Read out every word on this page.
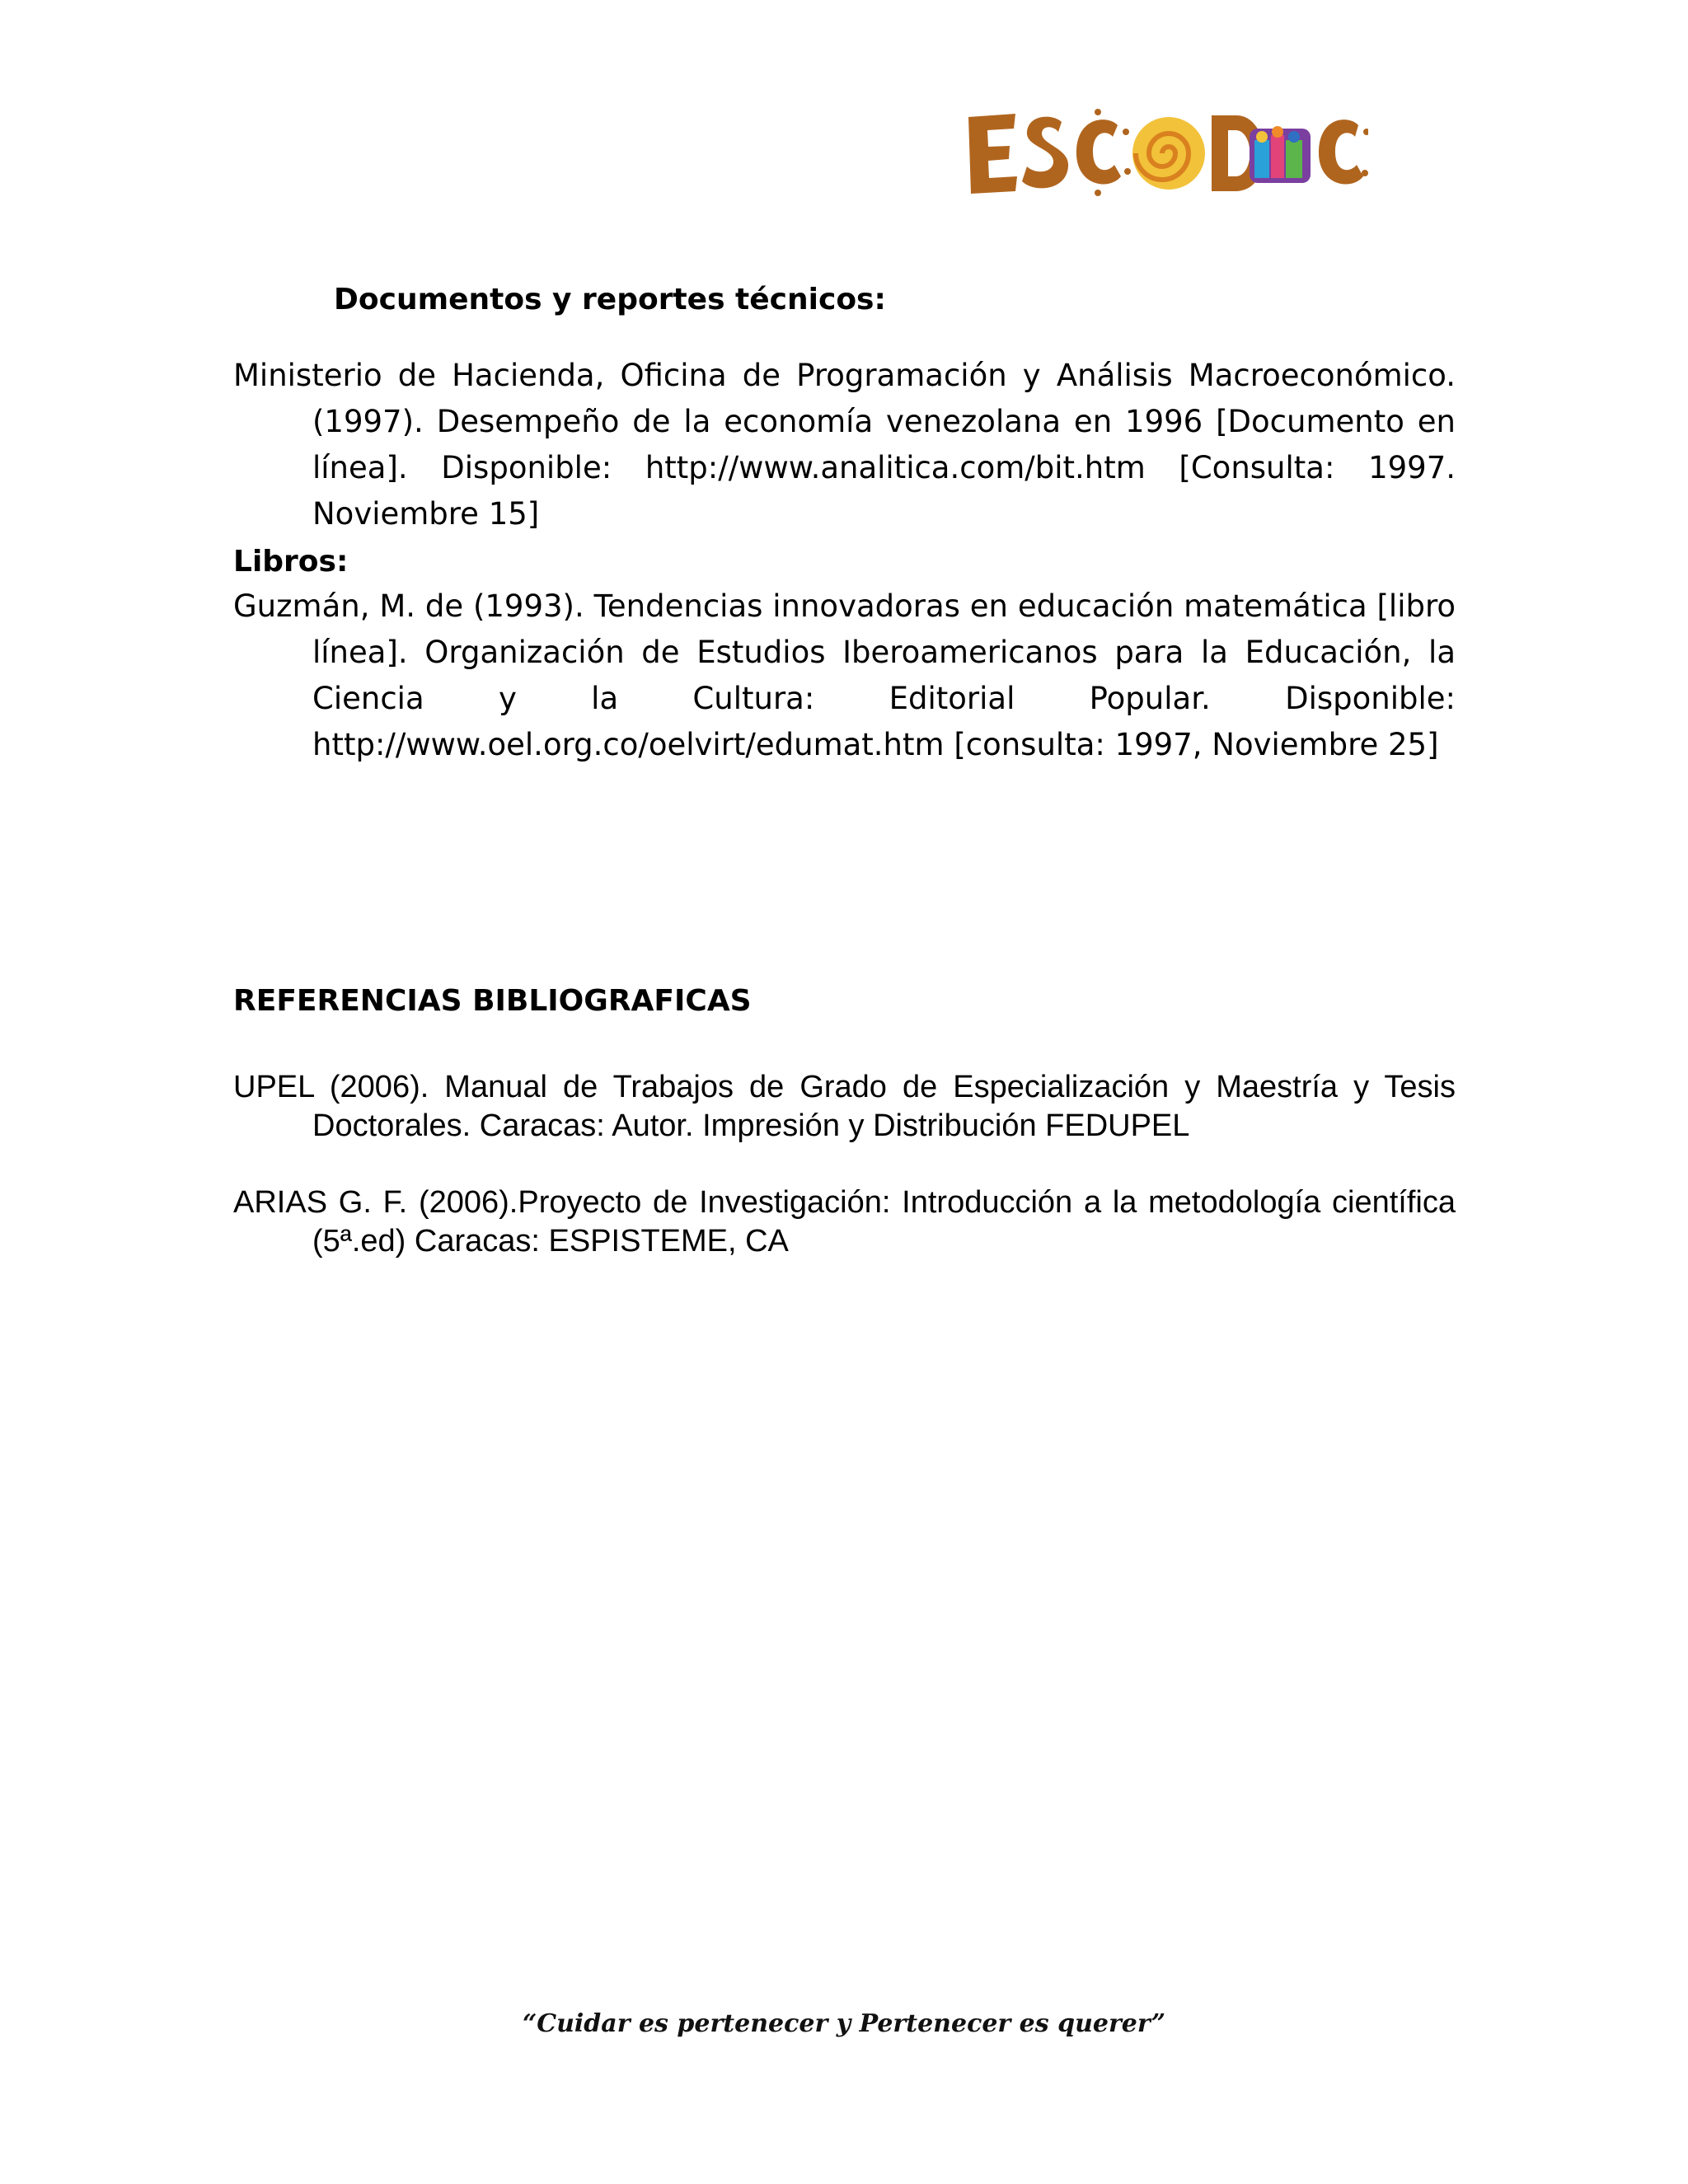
Documentos y reportes técnicos:
Ministerio de Hacienda, Oficina de Programación y Análisis Macroeconómico. (1997). Desempeño de la economía venezolana en 1996 [Documento en línea]. Disponible: http://www.analitica.com/bit.htm [Consulta: 1997. Noviembre 15]
Libros:
Guzmán, M. de (1993). Tendencias innovadoras en educación matemática [libro línea]. Organización de Estudios Iberoamericanos para la Educación, la Ciencia y la Cultura: Editorial Popular. Disponible: http://www.oel.org.co/oelvirt/edumat.htm [consulta: 1997, Noviembre 25]
REFERENCIAS BIBLIOGRAFICAS
UPEL (2006). Manual de Trabajos de Grado de Especialización y Maestría y Tesis Doctorales. Caracas: Autor. Impresión y Distribución FEDUPEL
ARIAS G. F. (2006).Proyecto de Investigación: Introducción a la metodología científica (5ª.ed) Caracas: ESPISTEME, CA
“Cuidar es pertenecer y Pertenecer es querer”
